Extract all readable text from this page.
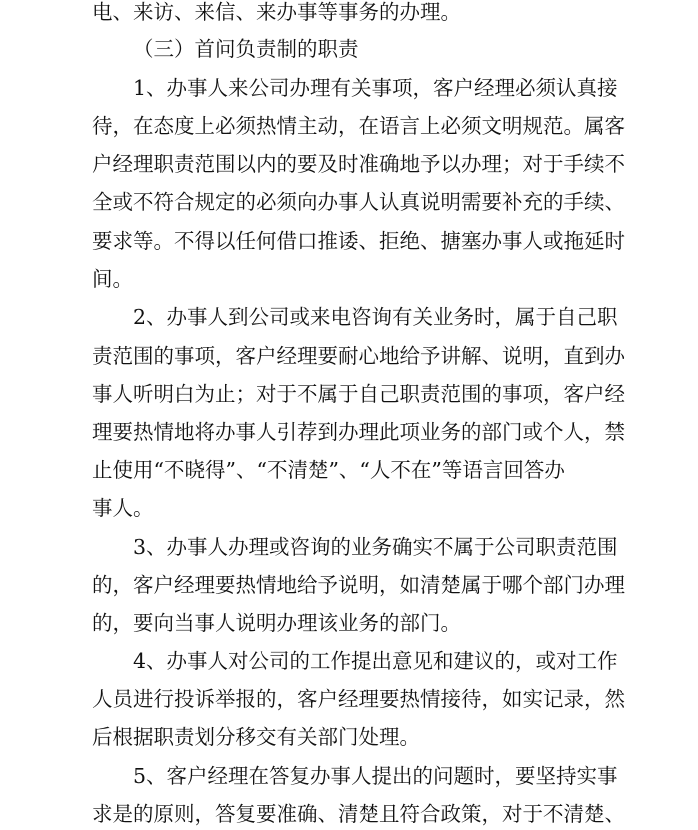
电、来访、来信、来办事等事务的办理。
（三）首问负责制的职责
1、办事人来公司办理有关事项，客户经理必须认真接
待，在态度上必须热情主动，在语言上必须文明规范。属客
户经理职责范围以内的要及时准确地予以办理；对于手续不
全或不符合规定的必须向办事人认真说明需要补充的手续、
要求等。不得以任何借口推诿、拒绝、搪塞办事人或拖延时
间。
2、办事人到公司或来电咨询有关业务时，属于自己职
责范围的事项，客户经理要耐心地给予讲解、说明，直到办
事人听明白为止；对于不属于自己职责范围的事项，客户经
理要热情地将办事人引荐到办理此项业务的部门或个人，禁
止使用“不晓得”、“不清楚”、“人不在”等语言回答办
事人。
3、办事人办理或咨询的业务确实不属于公司职责范围
的，客户经理要热情地给予说明，如清楚属于哪个部门办理
的，要向当事人说明办理该业务的部门。
4、办事人对公司的工作提出意见和建议的，或对工作
人员进行投诉举报的，客户经理要热情接待，如实记录，然
后根据职责划分移交有关部门处理。
5、客户经理在答复办事人提出的问题时，要坚持实事
求是的原则，答复要准确、清楚且符合政策，对于不清楚、
